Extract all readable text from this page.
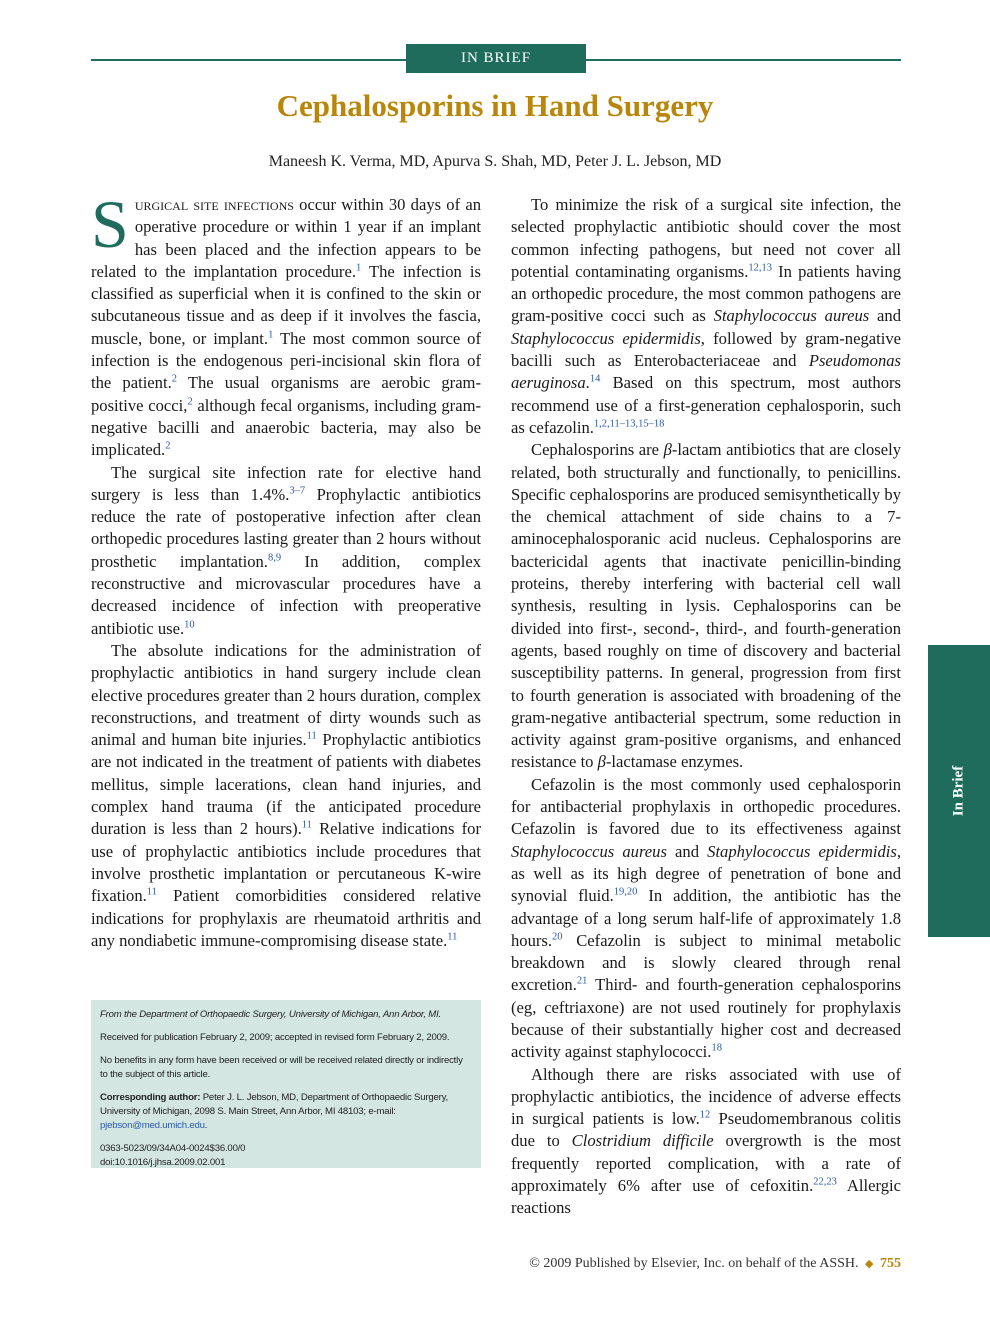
IN BRIEF
Cephalosporins in Hand Surgery
Maneesh K. Verma, MD, Apurva S. Shah, MD, Peter J. L. Jebson, MD

Surgical site infections occur within 30 days of an operative procedure or within 1 year if an implant has been placed and the infection appears to be related to the implantation procedure.$^1$ The infection is classified as superficial when it is confined to the skin or subcutaneous tissue and as deep if it involves the fascia, muscle, bone, or implant.$^1$ The most common source of infection is the endogenous peri-incisional skin flora of the patient.$^2$ The usual organisms are aerobic gram-positive cocci,$^2$ although fecal organisms, including gram-negative bacilli and anaerobic bacteria, may also be implicated.$^2$

The surgical site infection rate for elective hand surgery is less than 1.4%.$^{3-7}$ Prophylactic antibiotics reduce the rate of postoperative infection after clean orthopedic procedures lasting greater than 2 hours without prosthetic implantation.$^{8,9}$ In addition, complex reconstructive and microvascular procedures have a decreased incidence of infection with preoperative antibiotic use.$^{10}$

The absolute indications for the administration of prophylactic antibiotics in hand surgery include clean elective procedures greater than 2 hours duration, complex reconstructions, and treatment of dirty wounds such as animal and human bite injuries.$^{11}$ Prophylactic antibiotics are not indicated in the treatment of patients with diabetes mellitus, simple lacerations, clean hand injuries, and complex hand trauma (if the anticipated procedure duration is less than 2 hours).$^{11}$ Relative indications for use of prophylactic antibiotics include procedures that involve prosthetic implantation or percutaneous K-wire fixation.$^{11}$ Patient comorbidities considered relative indications for prophylaxis are rheumatoid arthritis and any nondiabetic immune-compromising disease state.$^{11}$

From the Department of Orthopaedic Surgery, University of Michigan, Ann Arbor, MI.

Received for publication February 2, 2009; accepted in revised form February 2, 2009.

No benefits in any form have been received or will be received related directly or indirectly to the subject of this article.

Corresponding author: Peter J. L. Jebson, MD, Department of Orthopaedic Surgery, University of Michigan, 2098 S. Main Street, Ann Arbor, MI 48103; e-mail: pjebson@med.umich.edu.

0363-5023/09/34A04-0024$36.00/0
doi:10.1016/j.jhsa.2009.02.001

To minimize the risk of a surgical site infection, the selected prophylactic antibiotic should cover the most common infecting pathogens, but need not cover all potential contaminating organisms.$^{12,13}$ In patients having an orthopedic procedure, the most common pathogens are gram-positive cocci such as Staphylococcus aureus and Staphylococcus epidermidis, followed by gram-negative bacilli such as Enterobacteriaceae and Pseudomonas aeruginosa.$^{14}$ Based on this spectrum, most authors recommend use of a first-generation cephalosporin, such as cefazolin.$^{1,2,11-13,15-18}$

Cephalosporins are β-lactam antibiotics that are closely related, both structurally and functionally, to penicillins. Specific cephalosporins are produced semisynthetically by the chemical attachment of side chains to a 7-aminocephalosporanic acid nucleus. Cephalosporins are bactericidal agents that inactivate penicillin-binding proteins, thereby interfering with bacterial cell wall synthesis, resulting in lysis. Cephalosporins can be divided into first-, second-, third-, and fourth-generation agents, based roughly on time of discovery and bacterial susceptibility patterns. In general, progression from first to fourth generation is associated with broadening of the gram-negative antibacterial spectrum, some reduction in activity against gram-positive organisms, and enhanced resistance to β-lactamase enzymes.

Cefazolin is the most commonly used cephalosporin for antibacterial prophylaxis in orthopedic procedures. Cefazolin is favored due to its effectiveness against Staphylococcus aureus and Staphylococcus epidermidis, as well as its high degree of penetration of bone and synovial fluid.$^{19,20}$ In addition, the antibiotic has the advantage of a long serum half-life of approximately 1.8 hours.$^{20}$ Cefazolin is subject to minimal metabolic breakdown and is slowly cleared through renal excretion.$^{21}$ Third- and fourth-generation cephalosporins (eg, ceftriaxone) are not used routinely for prophylaxis because of their substantially higher cost and decreased activity against staphylococci.$^{18}$

Although there are risks associated with use of prophylactic antibiotics, the incidence of adverse effects in surgical patients is low.$^{12}$ Pseudomembranous colitis due to Clostridium difficile overgrowth is the most frequently reported complication, with a rate of approximately 6% after use of cefoxitin.$^{22,23}$ Allergic reactions

In Brief
© 2009 Published by Elsevier, Inc. on behalf of the ASSH. ◆ 755
